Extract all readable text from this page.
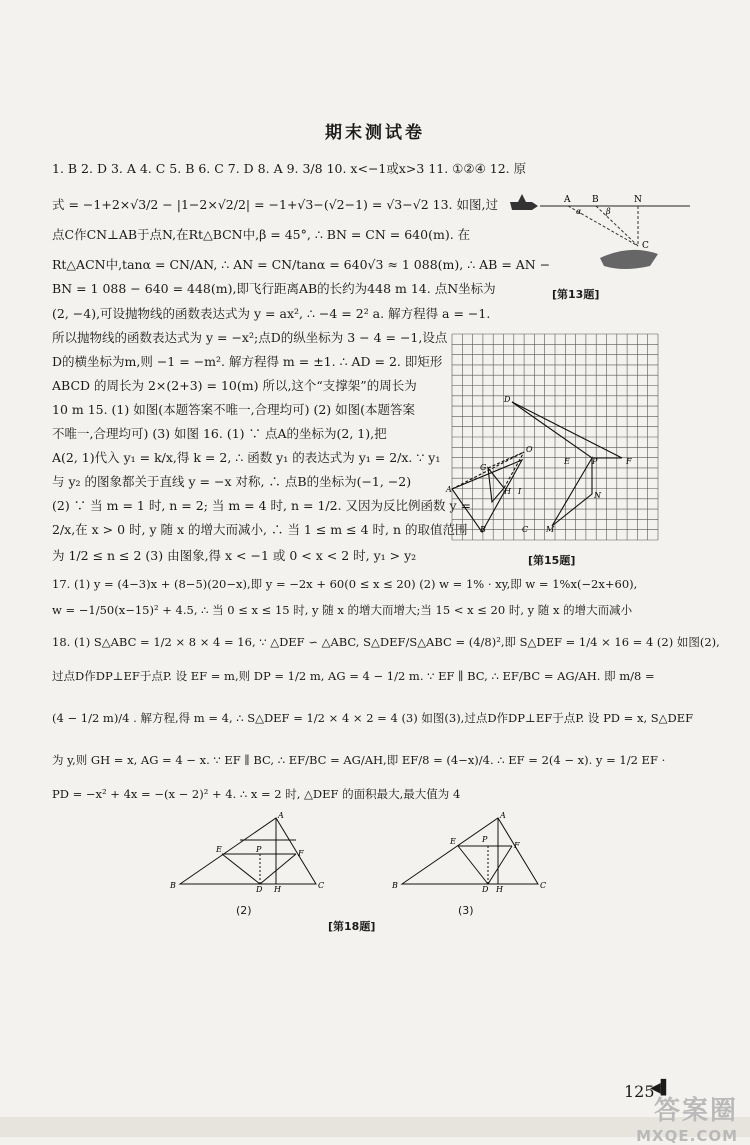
期末测试卷
1. B 2. D 3. A 4. C 5. B 6. C 7. D 8. A 9. 3/8 10. x<−1或x>3 11. ①②④ 12. 原
式 = −1+2×√3/2 − |1−2×√2/2| = −1+√3−(√2−1) = √3−√2 13. 如图,过
点C作CN⊥AB于点N,在Rt△BCN中,β = 45°, ∴ BN = CN = 640(m). 在
Rt△ACN中,tanα = CN/AN, ∴ AN = CN/tanα = 640√3 ≈ 1 088(m), ∴ AB = AN −
BN = 1 088 − 640 = 448(m),即飞行距离AB的长约为448 m 14. 点N坐标为
(2, −4),可设抛物线的函数表达式为 y = ax², ∴ −4 = 2² a. 解方程得 a = −1.
所以抛物线的函数表达式为 y = −x²;点D的纵坐标为 3 − 4 = −1,设点
D的横坐标为m,则 −1 = −m². 解方程得 m = ±1. ∴ AD = 2. 即矩形
ABCD 的周长为 2×(2+3) = 10(m) 所以,这个“支撑架”的周长为
10 m 15. (1) 如图(本题答案不唯一,合理均可) (2) 如图(本题答案
不唯一,合理均可) (3) 如图 16. (1) ∵ 点A的坐标为(2, 1),把
A(2, 1)代入 y₁ = k/x,得 k = 2, ∴ 函数 y₁ 的表达式为 y₁ = 2/x. ∵ y₁
与 y₂ 的图象都关于直线 y = −x 对称, ∴ 点B的坐标为(−1, −2)
(2) ∵ 当 m = 1 时, n = 2; 当 m = 4 时, n = 1/2. 又因为反比例函数 y =
2/x,在 x > 0 时, y 随 x 的增大而减小, ∴ 当 1 ≤ m ≤ 4 时, n 的取值范围
为 1/2 ≤ n ≤ 2 (3) 由图象,得 x < −1 或 0 < x < 2 时, y₁ > y₂
17. (1) y = (4−3)x + (8−5)(20−x),即 y = −2x + 60(0 ≤ x ≤ 20) (2) w = 1% · xy,即 w = 1%x(−2x+60),
w = −1/50(x−15)² + 4.5, ∴ 当 0 ≤ x ≤ 15 时, y 随 x 的增大而增大;当 15 < x ≤ 20 时, y 随 x 的增大而减小
18. (1) S△ABC = 1/2 × 8 × 4 = 16, ∵ △DEF ∽ △ABC, S△DEF/S△ABC = (4/8)²,即 S△DEF = 1/4 × 16 = 4 (2) 如图(2),
过点D作DP⊥EF于点P. 设 EF = m,则 DP = 1/2 m, AG = 4 − 1/2 m. ∵ EF ∥ BC, ∴ EF/BC = AG/AH. 即 m/8 =
(4 − 1/2 m)/4 . 解方程,得 m = 4, ∴ S△DEF = 1/2 × 4 × 2 = 4 (3) 如图(3),过点D作DP⊥EF于点P. 设 PD = x, S△DEF
为 y,则 GH = x, AG = 4 − x. ∵ EF ∥ BC, ∴ EF/BC = AG/AH,即 EF/8 = (4−x)/4. ∴ EF = 2(4 − x). y = 1/2 EF ·
PD = −x² + 4x = −(x − 2)² + 4. ∴ x = 2 时, △DEF 的面积最大,最大值为 4
A
α
B
β
N
C
[第13题]
D
O
G
A	H I
B	C
E	P	F
N
M
[第15题]
A
E	P	F
B	D H	C
(2)
A
E	P
F
B	D H	C
(3)
[第18题]
125
◀▌
答案圈
MXQE.COM
